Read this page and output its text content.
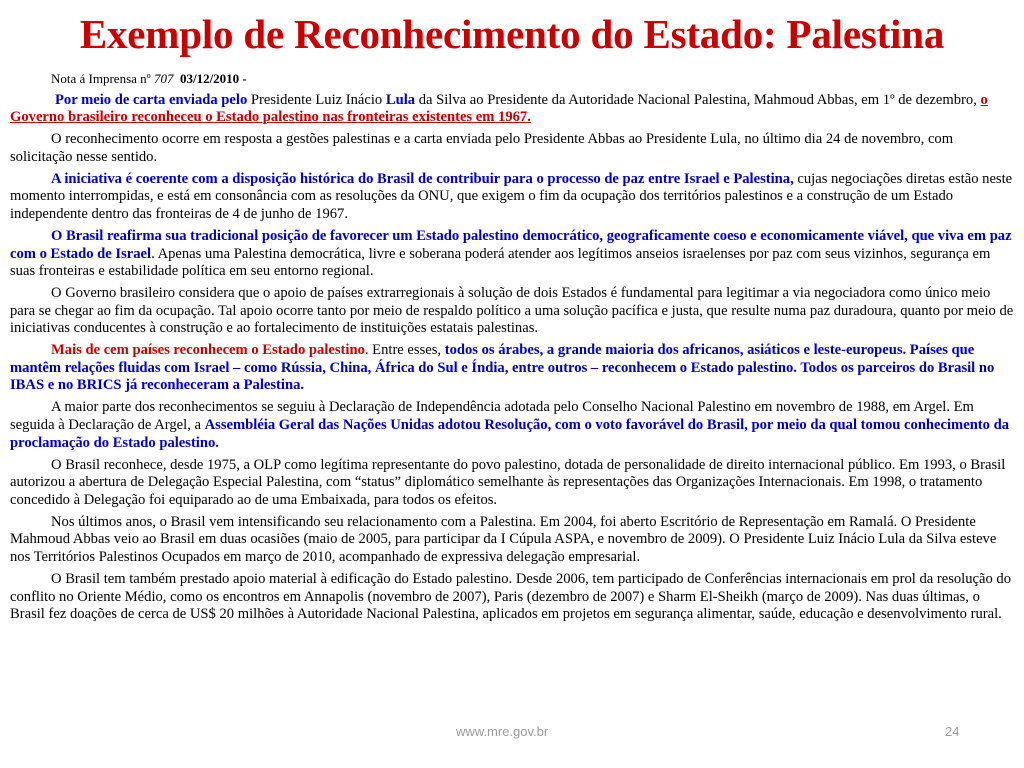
Exemplo de Reconhecimento do Estado: Palestina
Nota á Imprensa nº 707 03/12/2010 -
Por meio de carta enviada pelo Presidente Luiz Inácio Lula da Silva ao Presidente da Autoridade Nacional Palestina, Mahmoud Abbas, em 1º de dezembro, o Governo brasileiro reconheceu o Estado palestino nas fronteiras existentes em 1967.
O reconhecimento ocorre em resposta a gestões palestinas e a carta enviada pelo Presidente Abbas ao Presidente Lula, no último dia 24 de novembro, com solicitação nesse sentido.
A iniciativa é coerente com a disposição histórica do Brasil de contribuir para o processo de paz entre Israel e Palestina, cujas negociações diretas estão neste momento interrompidas, e está em consonância com as resoluções da ONU, que exigem o fim da ocupação dos territórios palestinos e a construção de um Estado independente dentro das fronteiras de 4 de junho de 1967.
O Brasil reafirma sua tradicional posição de favorecer um Estado palestino democrático, geograficamente coeso e economicamente viável, que viva em paz com o Estado de Israel. Apenas uma Palestina democrática, livre e soberana poderá atender aos legítimos anseios israelenses por paz com seus vizinhos, segurança em suas fronteiras e estabilidade política em seu entorno regional.
O Governo brasileiro considera que o apoio de países extrarregionais à solução de dois Estados é fundamental para legitimar a via negociadora como único meio para se chegar ao fim da ocupação. Tal apoio ocorre tanto por meio de respaldo político a uma solução pacífica e justa, que resulte numa paz duradoura, quanto por meio de iniciativas conducentes à construção e ao fortalecimento de instituições estatais palestinas.
Mais de cem países reconhecem o Estado palestino. Entre esses, todos os árabes, a grande maioria dos africanos, asiáticos e leste-europeus. Países que mantêm relações fluidas com Israel – como Rússia, China, África do Sul e Índia, entre outros – reconhecem o Estado palestino. Todos os parceiros do Brasil no IBAS e no BRICS já reconheceram a Palestina.
A maior parte dos reconhecimentos se seguiu à Declaração de Independência adotada pelo Conselho Nacional Palestino em novembro de 1988, em Argel. Em seguida à Declaração de Argel, a Assembléia Geral das Nações Unidas adotou Resolução, com o voto favorável do Brasil, por meio da qual tomou conhecimento da proclamação do Estado palestino.
O Brasil reconhece, desde 1975, a OLP como legítima representante do povo palestino, dotada de personalidade de direito internacional público. Em 1993, o Brasil autorizou a abertura de Delegação Especial Palestina, com “status” diplomático semelhante às representações das Organizações Internacionais. Em 1998, o tratamento concedido à Delegação foi equiparado ao de uma Embaixada, para todos os efeitos.
Nos últimos anos, o Brasil vem intensificando seu relacionamento com a Palestina. Em 2004, foi aberto Escritório de Representação em Ramalá. O Presidente Mahmoud Abbas veio ao Brasil em duas ocasiões (maio de 2005, para participar da I Cúpula ASPA, e novembro de 2009). O Presidente Luiz Inácio Lula da Silva esteve nos Territórios Palestinos Ocupados em março de 2010, acompanhado de expressiva delegação empresarial.
O Brasil tem também prestado apoio material à edificação do Estado palestino. Desde 2006, tem participado de Conferências internacionais em prol da resolução do conflito no Oriente Médio, como os encontros em Annapolis (novembro de 2007), Paris (dezembro de 2007) e Sharm El-Sheikh (março de 2009). Nas duas últimas, o Brasil fez doações de cerca de US$ 20 milhões à Autoridade Nacional Palestina, aplicados em projetos em segurança alimentar, saúde, educação e desenvolvimento rural.
www.mre.gov.br	24
